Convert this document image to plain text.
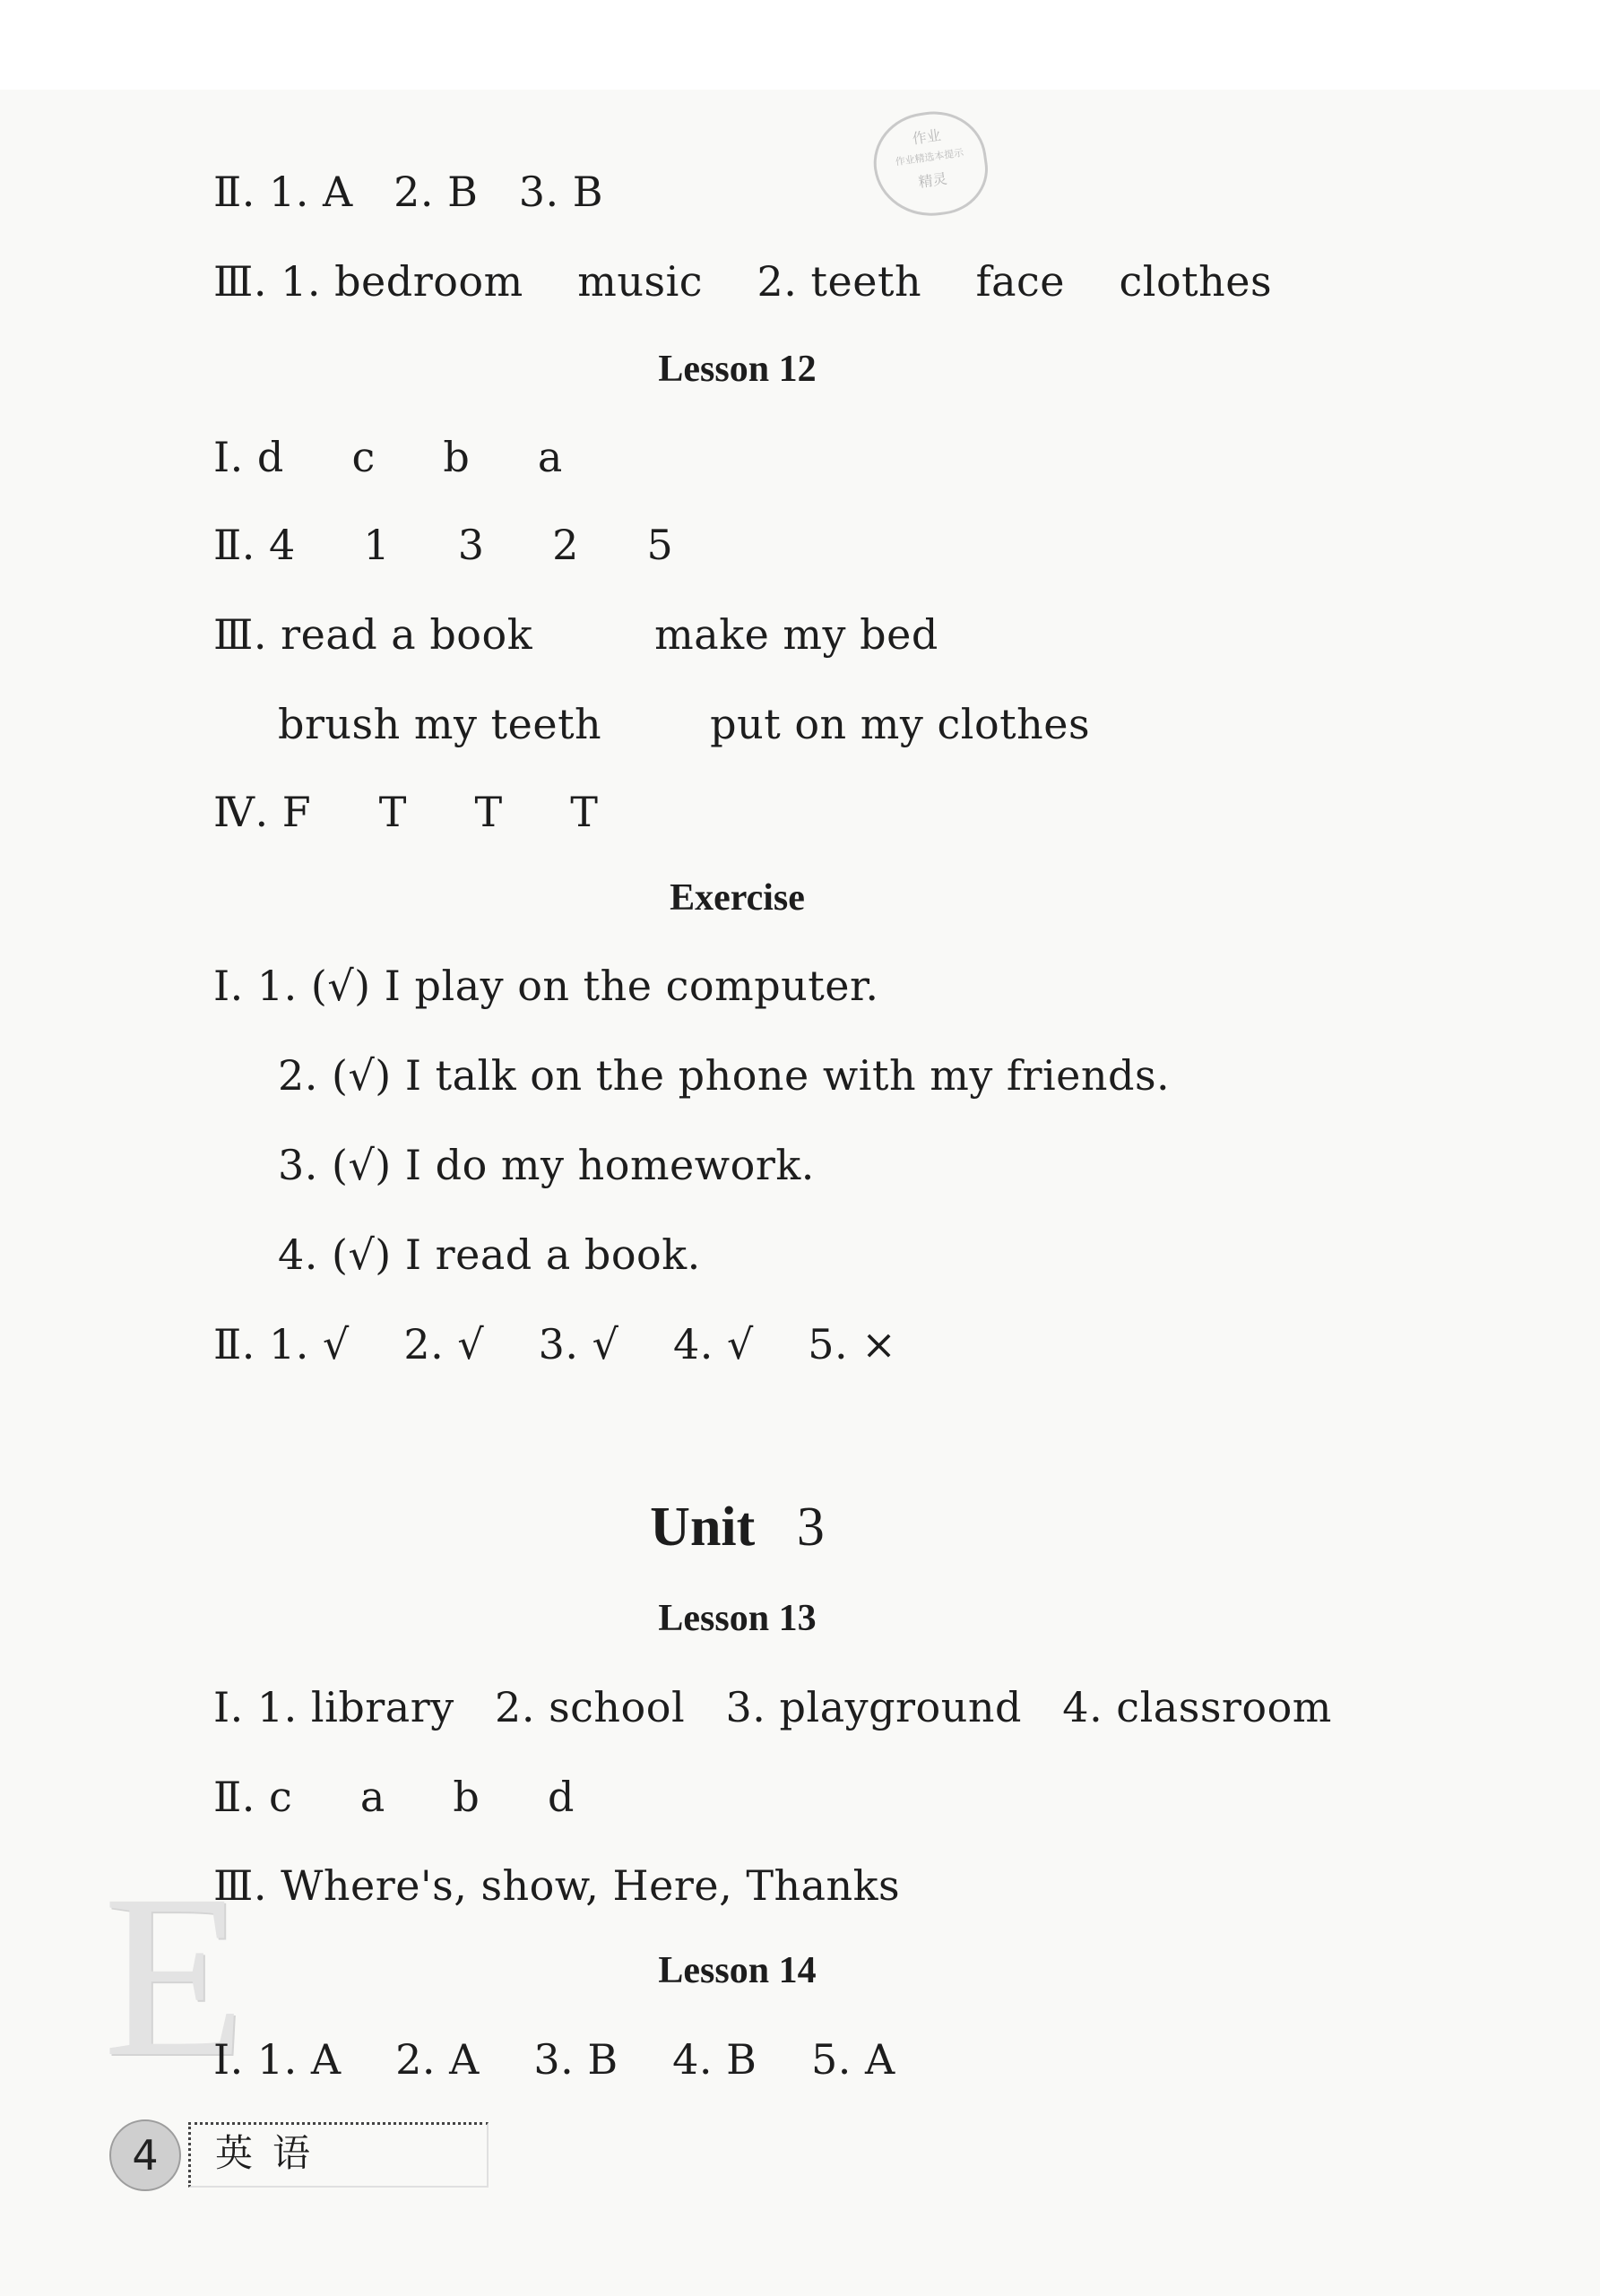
作业
作业精选本提示
精灵
Ⅱ. 1. A   2. B   3. B
Ⅲ. 1. bedroom    music    2. teeth    face    clothes
Lesson 12
Ⅰ. d     c     b     a
Ⅱ. 4     1     3     2     5
Ⅲ. read a book         make my bed
brush my teeth        put on my clothes
Ⅳ. F     T     T     T
Exercise
Ⅰ. 1. (√) I play on the computer.
2. (√) I talk on the phone with my friends.
3. (√) I do my homework.
4. (√) I read a book.
Ⅱ. 1. √    2. √    3. √    4. √    5. ×
Unit 3
Lesson 13
Ⅰ. 1. library   2. school   3. playground   4. classroom
Ⅱ. c     a     b     d
E
Ⅲ. Where's, show, Here, Thanks
Lesson 14
Ⅰ. 1. A    2. A    3. B    4. B    5. A
4	英语
